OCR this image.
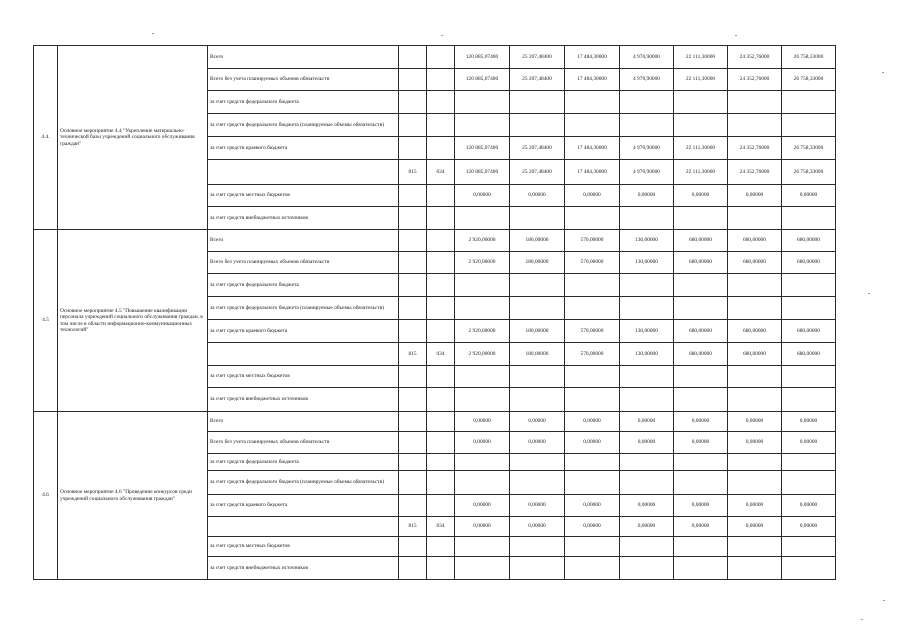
4.4.	Основное мероприятие 4.4 "Укрепление материально-технической базы учреждений социального обслуживания граждан"	Всего			120 885,07400	25 207,48400	17 484,30000	4 970,90000	22 111,30000	24 352,76000	26 758,33000
		Всего без учета планируемых объемов обязательств			120 885,07400	25 207,48400	17 484,30000	4 970,90000	22 111,30000	24 352,76000	26 758,33000
		за счет средств федерального бюджета									
		за счет средств федерального бюджета (планируемые объемы обязательств)									
		за счет средств краевого бюджета			120 885,07400	25 207,48400	17 484,30000	4 970,90000	22 111,30000	24 352,76000	26 758,33000
			815	034	120 885,07400	25 207,48400	17 484,30000	4 970,90000	22 111,30000	24 352,76000	26 758,33000
		за счет средств местных бюджетов			0,00000	0,00000	0,00000	0,00000	0,00000	0,00000	0,00000
		за счет средств внебюджетных источников									
4.5	Основное мероприятие 4.5 "Повышение квалификации персонала учреждений социального обслуживания граждан, в том числе в области информационно-коммуникационных технологий"	Всего			2 920,00000	180,00000	570,00000	130,00000	680,00000	680,00000	680,00000
		Всего без учета планируемых объемов обязательств			2 920,00000	180,00000	570,00000	130,00000	680,00000	680,00000	680,00000
		за счет средств федерального бюджета									
		за счет средств федерального бюджета (планируемые объемы обязательств)									
		за счет средств краевого бюджета			2 920,00000	180,00000	570,00000	130,00000	680,00000	680,00000	680,00000
			815	034	2 920,00000	180,00000	570,00000	130,00000	680,00000	680,00000	680,00000
		за счет средств местных бюджетов									
		за счет средств внебюджетных источников									
4.6	Основное мероприятие 4.6 "Проведение конкурсов среди учреждений социального обслуживания граждан"	Всего			0,00000	0,00000	0,00000	0,00000	0,00000	0,00000	0,00000
		Всего без учета планируемых объемов обязательств			0,00000	0,00000	0,00000	0,00000	0,00000	0,00000	0,00000
		за счет средств федерального бюджета									
		за счет средств федерального бюджета (планируемые объемы обязательств)									
		за счет средств краевого бюджета			0,00000	0,00000	0,00000	0,00000	0,00000	0,00000	0,00000
			815	034	0,00000	0,00000	0,00000	0,00000	0,00000	0,00000	0,00000
		за счет средств местных бюджетов									
		за счет средств внебюджетных источников									
